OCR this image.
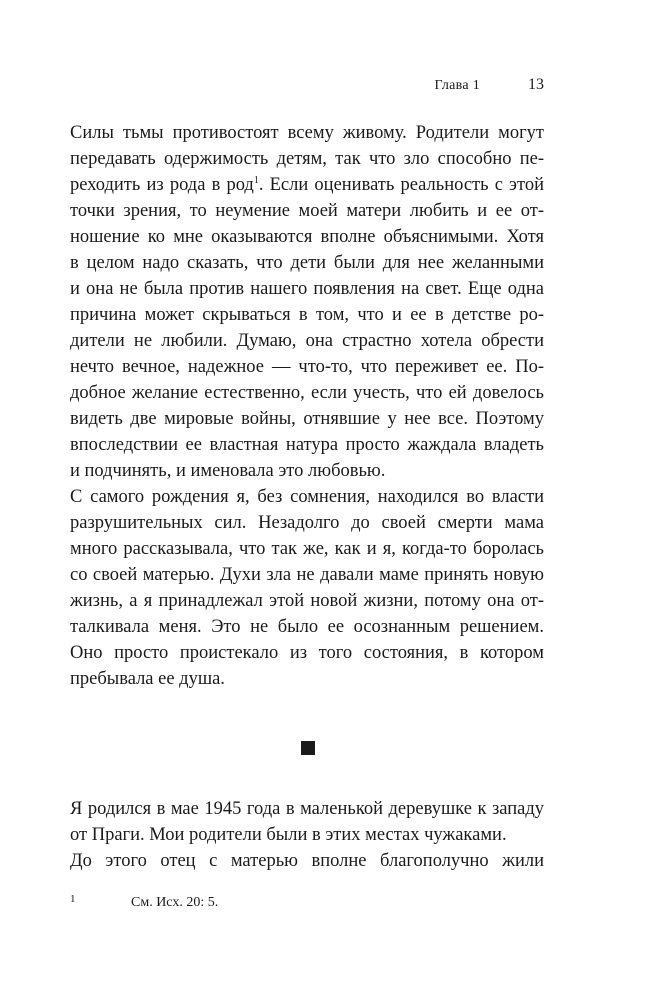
Глава 1	13
Силы тьмы противостоят всему живому. Родители могут
передавать одержимость детям, так что зло способно пе-
реходить из рода в род$^1$. Если оценивать реальность с этой
точки зрения, то неумение моей матери любить и ее от-
ношение ко мне оказываются вполне объяснимыми. Хотя
в целом надо сказать, что дети были для нее желанными
и она не была против нашего появления на свет. Еще одна
причина может скрываться в том, что и ее в детстве ро-
дители не любили. Думаю, она страстно хотела обрести
нечто вечное, надежное — что-то, что переживет ее. По-
добное желание естественно, если учесть, что ей довелось
видеть две мировые войны, отнявшие у нее все. Поэтому
впоследствии ее властная натура просто жаждала владеть
и подчинять, и именовала это любовью.
С самого рождения я, без сомнения, находился во власти
разрушительных сил. Незадолго до своей смерти мама
много рассказывала, что так же, как и я, когда-то боролась
со своей матерью. Духи зла не давали маме принять новую
жизнь, а я принадлежал этой новой жизни, потому она от-
талкивала меня. Это не было ее осознанным решением.
Оно просто проистекало из того состояния, в котором
пребывала ее душа.
Я родился в мае 1945 года в маленькой деревушке к западу
от Праги. Мои родители были в этих местах чужаками.
До этого отец с матерью вполне благополучно жили
1	См. Исх. 20: 5.
